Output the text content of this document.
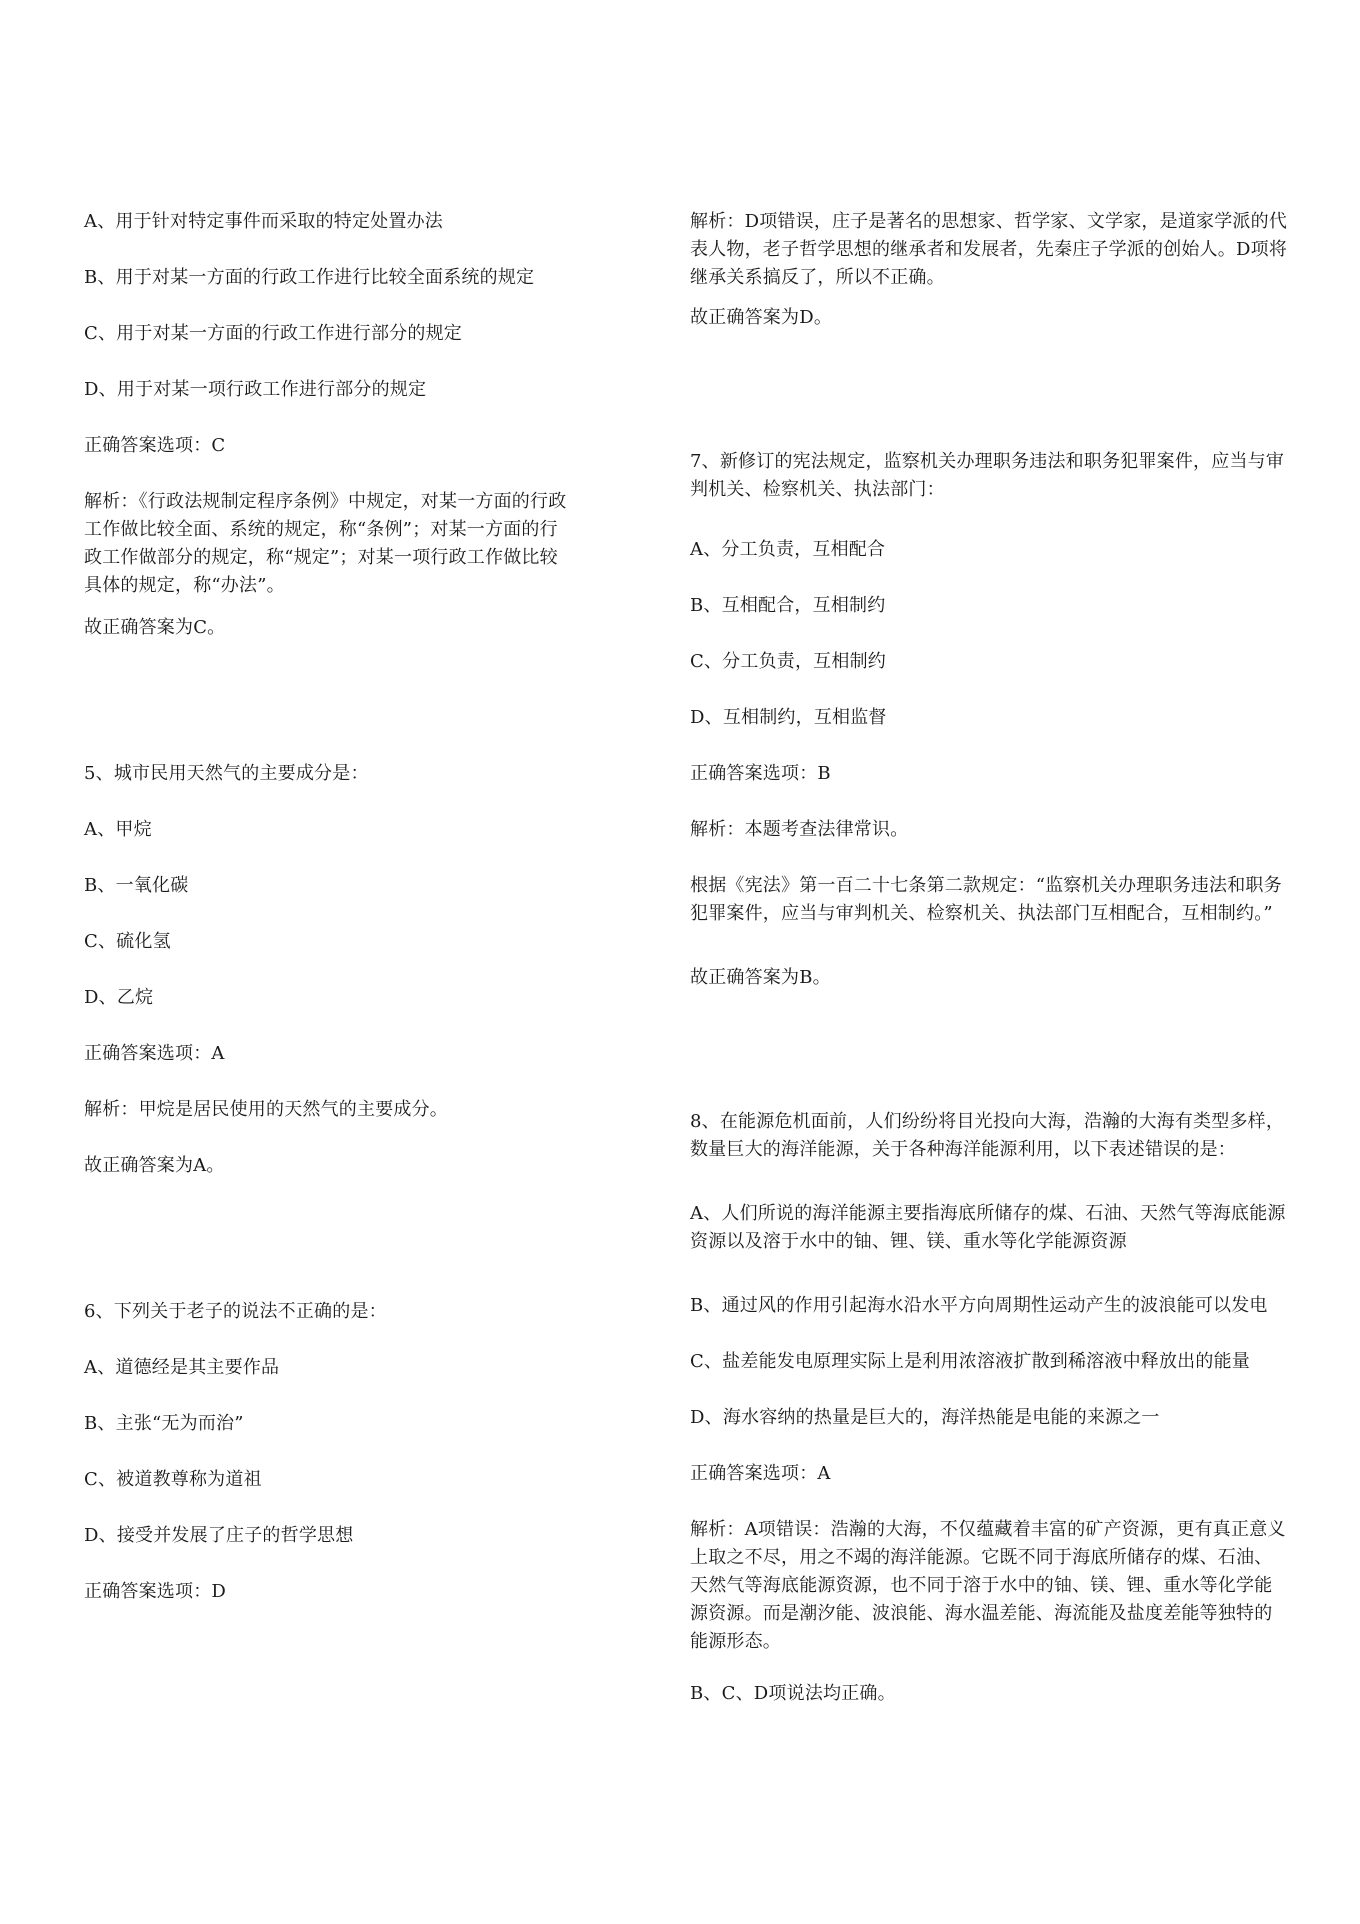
A、用于针对特定事件而采取的特定处置办法

B、用于对某一方面的行政工作进行比较全面系统的规定

C、用于对某一方面的行政工作进行部分的规定

D、用于对某一项行政工作进行部分的规定

正确答案选项：C

解析：《行政法规制定程序条例》中规定，对某一方面的行政工作做比较全面、系统的规定，称“条例”；对某一方面的行政工作做部分的规定，称“规定”；对某一项行政工作做比较具体的规定，称“办法”。

故正确答案为C。

5、城市民用天然气的主要成分是：

A、甲烷

B、一氧化碳

C、硫化氢

D、乙烷

正确答案选项：A

解析：甲烷是居民使用的天然气的主要成分。

故正确答案为A。

6、下列关于老子的说法不正确的是：

A、道德经是其主要作品

B、主张“无为而治”

C、被道教尊称为道祖

D、接受并发展了庄子的哲学思想

正确答案选项：D

解析：D项错误，庄子是著名的思想家、哲学家、文学家，是道家学派的代表人物，老子哲学思想的继承者和发展者，先秦庄子学派的创始人。D项将继承关系搞反了，所以不正确。

故正确答案为D。

7、新修订的宪法规定，监察机关办理职务违法和职务犯罪案件，应当与审判机关、检察机关、执法部门：

A、分工负责，互相配合

B、互相配合，互相制约

C、分工负责，互相制约

D、互相制约，互相监督

正确答案选项：B

解析：本题考查法律常识。

根据《宪法》第一百二十七条第二款规定：“监察机关办理职务违法和职务犯罪案件，应当与审判机关、检察机关、执法部门互相配合，互相制约。”

故正确答案为B。

8、在能源危机面前，人们纷纷将目光投向大海，浩瀚的大海有类型多样，数量巨大的海洋能源，关于各种海洋能源利用，以下表述错误的是：

A、人们所说的海洋能源主要指海底所储存的煤、石油、天然气等海底能源资源以及溶于水中的铀、锂、镁、重水等化学能源资源

B、通过风的作用引起海水沿水平方向周期性运动产生的波浪能可以发电

C、盐差能发电原理实际上是利用浓溶液扩散到稀溶液中释放出的能量

D、海水容纳的热量是巨大的，海洋热能是电能的来源之一

正确答案选项：A

解析：A项错误：浩瀚的大海，不仅蕴藏着丰富的矿产资源，更有真正意义上取之不尽，用之不竭的海洋能源。它既不同于海底所储存的煤、石油、天然气等海底能源资源，也不同于溶于水中的铀、镁、锂、重水等化学能源资源。而是潮汐能、波浪能、海水温差能、海流能及盐度差能等独特的能源形态。

B、C、D项说法均正确。
